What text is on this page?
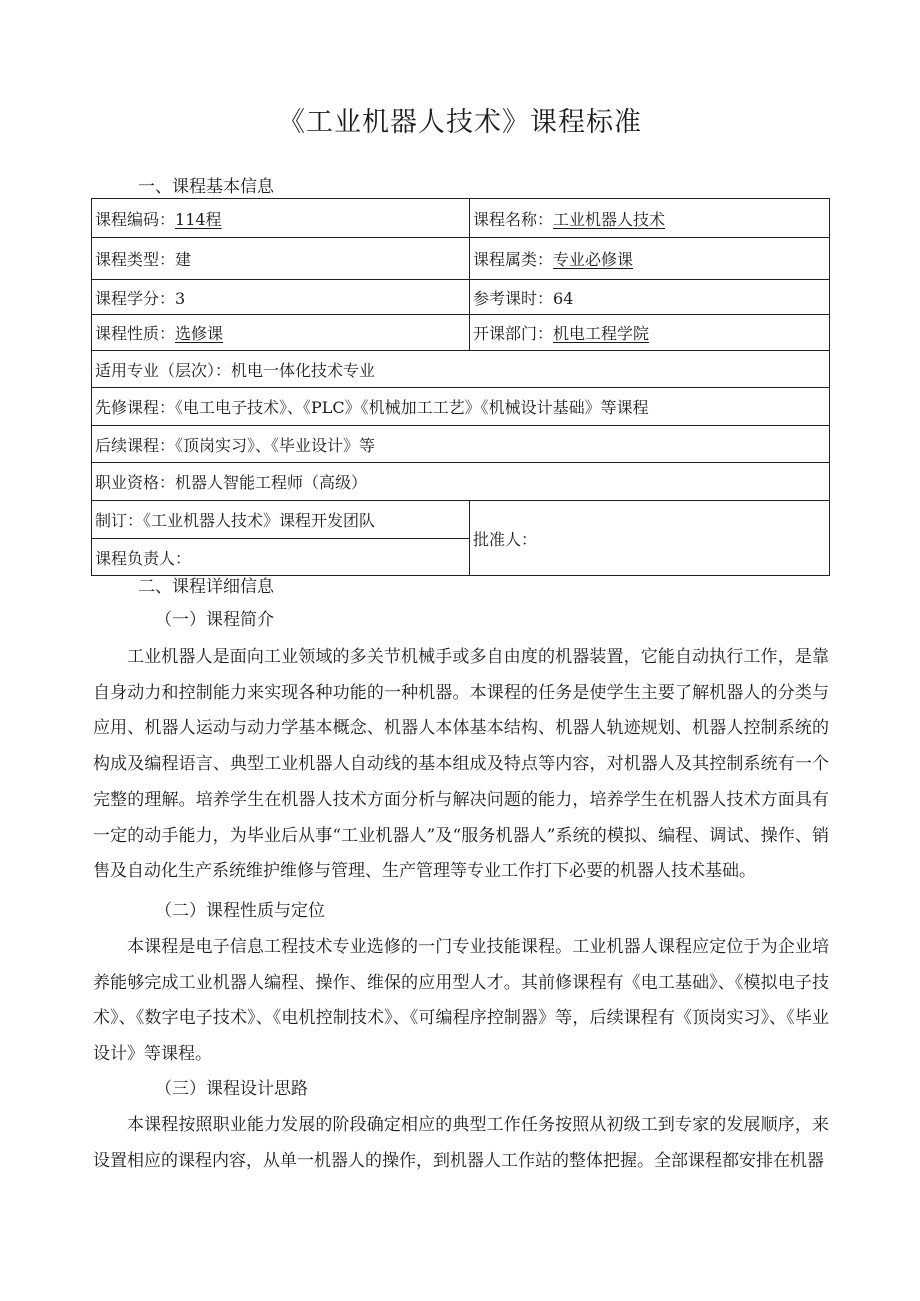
《工业机器人技术》课程标准
一、课程基本信息
课程编码：114程	课程名称：工业机器人技术
课程类型：建	课程属类：专业必修课
课程学分：3	参考课时：64
课程性质：选修课	开课部门：机电工程学院
适用专业（层次）：机电一体化技术专业	
先修课程：《电工电子技术》、《PLC》《机械加工工艺》《机械设计基础》等课程	
后续课程：《顶岗实习》、《毕业设计》等	
职业资格：机器人智能工程师（高级）	
制订：《工业机器人技术》课程开发团队	批准人：
课程负责人：	
二、课程详细信息
（一）课程简介

工业机器人是面向工业领域的多关节机械手或多自由度的机器装置，它能自动执行工作，是靠自身动力和控制能力来实现各种功能的一种机器。本课程的任务是使学生主要了解机器人的分类与应用、机器人运动与动力学基本概念、机器人本体基本结构、机器人轨迹规划、机器人控制系统的构成及编程语言、典型工业机器人自动线的基本组成及特点等内容，对机器人及其控制系统有一个完整的理解。培养学生在机器人技术方面分析与解决问题的能力，培养学生在机器人技术方面具有一定的动手能力，为毕业后从事“工业机器人”及“服务机器人”系统的模拟、编程、调试、操作、销售及自动化生产系统维护维修与管理、生产管理等专业工作打下必要的机器人技术基础。

（二）课程性质与定位

本课程是电子信息工程技术专业选修的一门专业技能课程。工业机器人课程应定位于为企业培养能够完成工业机器人编程、操作、维保的应用型人才。其前修课程有《电工基础》、《模拟电子技术》、《数字电子技术》、《电机控制技术》、《可编程序控制器》等，后续课程有《顶岗实习》、《毕业设计》等课程。

（三）课程设计思路

本课程按照职业能力发展的阶段确定相应的典型工作任务按照从初级工到专家的发展顺序，来设置相应的课程内容，从单一机器人的操作，到机器人工作站的整体把握。全部课程都安排在机器
